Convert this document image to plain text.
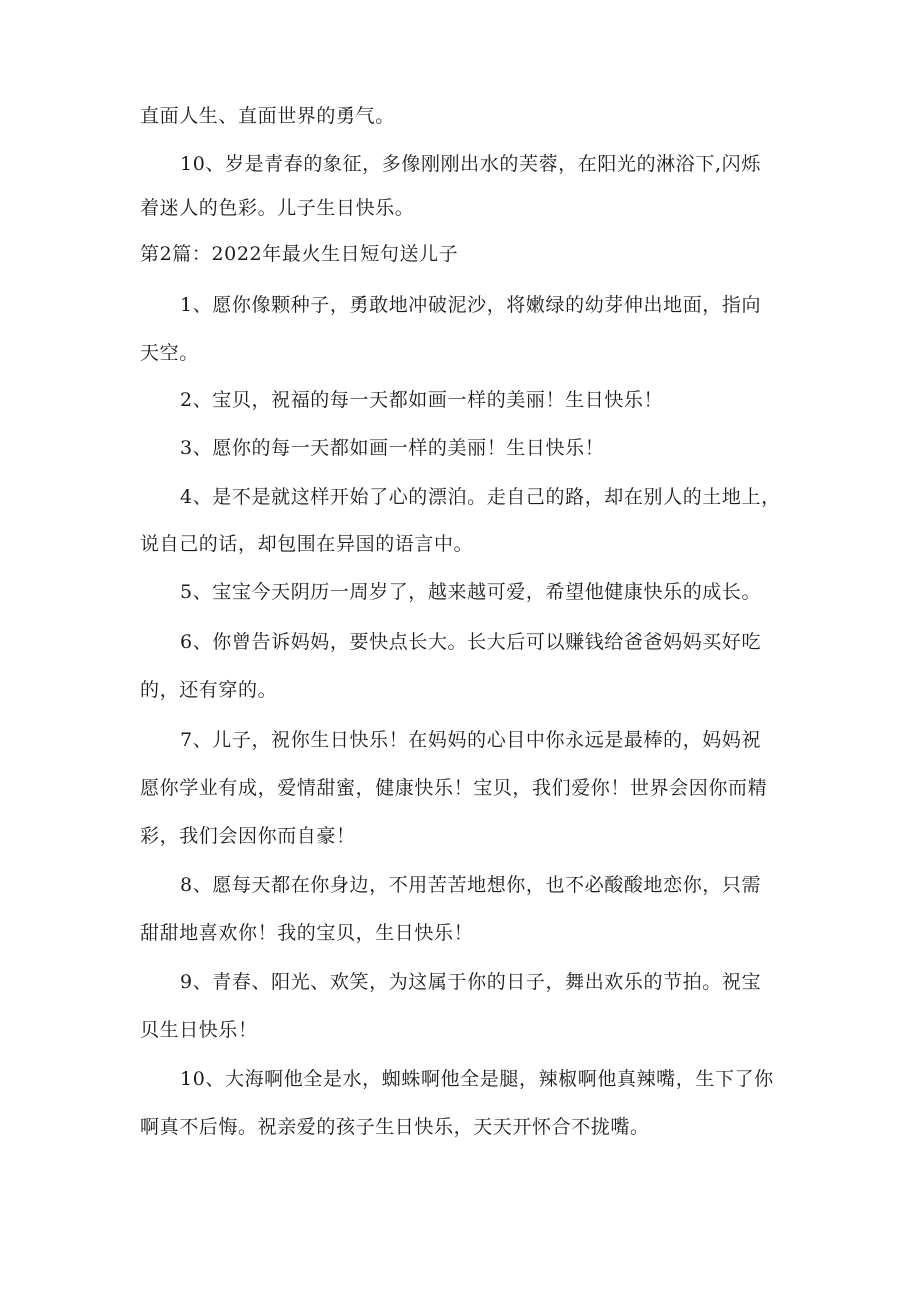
直面人生、直面世界的勇气。
10、岁是青春的象征，多像刚刚出水的芙蓉，在阳光的淋浴下,闪烁
着迷人的色彩。儿子生日快乐。
第2篇：2022年最火生日短句送儿子
1、愿你像颗种子，勇敢地冲破泥沙，将嫩绿的幼芽伸出地面，指向
天空。
2、宝贝，祝福的每一天都如画一样的美丽！生日快乐！
3、愿你的每一天都如画一样的美丽！生日快乐！
4、是不是就这样开始了心的漂泊。走自己的路，却在别人的土地上，
说自己的话，却包围在异国的语言中。
5、宝宝今天阴历一周岁了，越来越可爱，希望他健康快乐的成长。
6、你曾告诉妈妈，要快点长大。长大后可以赚钱给爸爸妈妈买好吃
的，还有穿的。
7、儿子，祝你生日快乐！在妈妈的心目中你永远是最棒的，妈妈祝
愿你学业有成，爱情甜蜜，健康快乐！宝贝，我们爱你！世界会因你而精
彩，我们会因你而自豪！
8、愿每天都在你身边，不用苦苦地想你，也不必酸酸地恋你，只需
甜甜地喜欢你！我的宝贝，生日快乐！
9、青春、阳光、欢笑，为这属于你的日子，舞出欢乐的节拍。祝宝
贝生日快乐！
10、大海啊他全是水，蜘蛛啊他全是腿，辣椒啊他真辣嘴，生下了你
啊真不后悔。祝亲爱的孩子生日快乐，天天开怀合不拢嘴。
